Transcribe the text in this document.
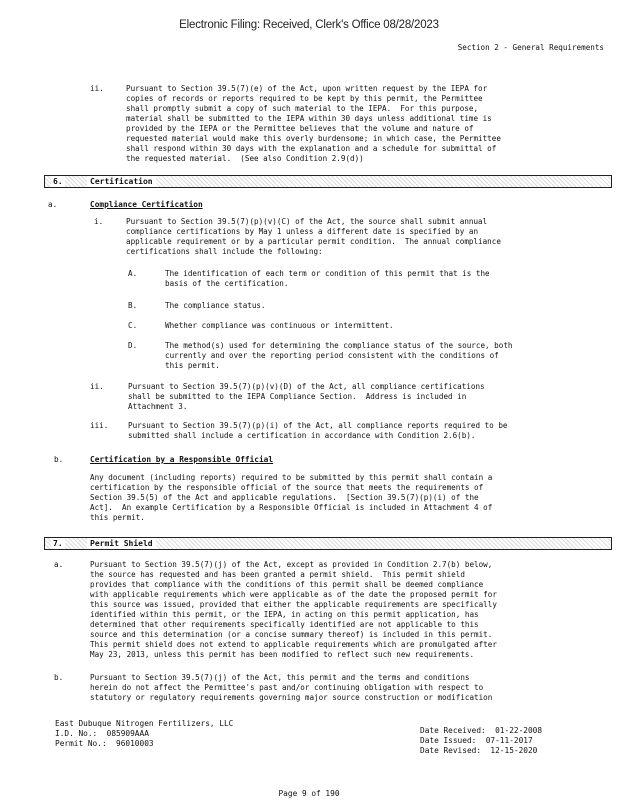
Electronic Filing: Received, Clerk's Office 08/28/2023
Section 2 - General Requirements
ii.	Pursuant to Section 39.5(7)(e) of the Act, upon written request by the IEPA for
copies of records or reports required to be kept by this permit, the Permittee
shall promptly submit a copy of such material to the IEPA.  For this purpose,
material shall be submitted to the IEPA within 30 days unless additional time is
provided by the IEPA or the Permittee believes that the volume and nature of
requested material would make this overly burdensome; in which case, the Permittee
shall respond within 30 days with the explanation and a schedule for submittal of
the requested material.  (See also Condition 2.9(d))
6.	Certification
a.	Compliance Certification
i.	Pursuant to Section 39.5(7)(p)(v)(C) of the Act, the source shall submit annual
compliance certifications by May 1 unless a different date is specified by an
applicable requirement or by a particular permit condition.  The annual compliance
certifications shall include the following:
A.	The identification of each term or condition of this permit that is the
basis of the certification.
B.	The compliance status.
C.	Whether compliance was continuous or intermittent.
D.	The method(s) used for determining the compliance status of the source, both
currently and over the reporting period consistent with the conditions of
this permit.
ii.	Pursuant to Section 39.5(7)(p)(v)(D) of the Act, all compliance certifications
shall be submitted to the IEPA Compliance Section.  Address is included in
Attachment 3.
iii.	Pursuant to Section 39.5(7)(p)(i) of the Act, all compliance reports required to be
submitted shall include a certification in accordance with Condition 2.6(b).
b.	Certification by a Responsible Official
Any document (including reports) required to be submitted by this permit shall contain a
certification by the responsible official of the source that meets the requirements of
Section 39.5(5) of the Act and applicable regulations.  [Section 39.5(7)(p)(i) of the
Act].  An example Certification by a Responsible Official is included in Attachment 4 of
this permit.
7.	Permit Shield
a.	Pursuant to Section 39.5(7)(j) of the Act, except as provided in Condition 2.7(b) below,
the source has requested and has been granted a permit shield.  This permit shield
provides that compliance with the conditions of this permit shall be deemed compliance
with applicable requirements which were applicable as of the date the proposed permit for
this source was issued, provided that either the applicable requirements are specifically
identified within this permit, or the IEPA, in acting on this permit application, has
determined that other requirements specifically identified are not applicable to this
source and this determination (or a concise summary thereof) is included in this permit.
This permit shield does not extend to applicable requirements which are promulgated after
May 23, 2013, unless this permit has been modified to reflect such new requirements.
b.	Pursuant to Section 39.5(7)(j) of the Act, this permit and the terms and conditions
herein do not affect the Permittee's past and/or continuing obligation with respect to
statutory or regulatory requirements governing major source construction or modification
East Dubuque Nitrogen Fertilizers, LLC
I.D. No.:  085909AAA
Permit No.:  96010003
Date Received:  01-22-2008
Date Issued:  07-11-2017
Date Revised:  12-15-2020
Page 9 of 190
